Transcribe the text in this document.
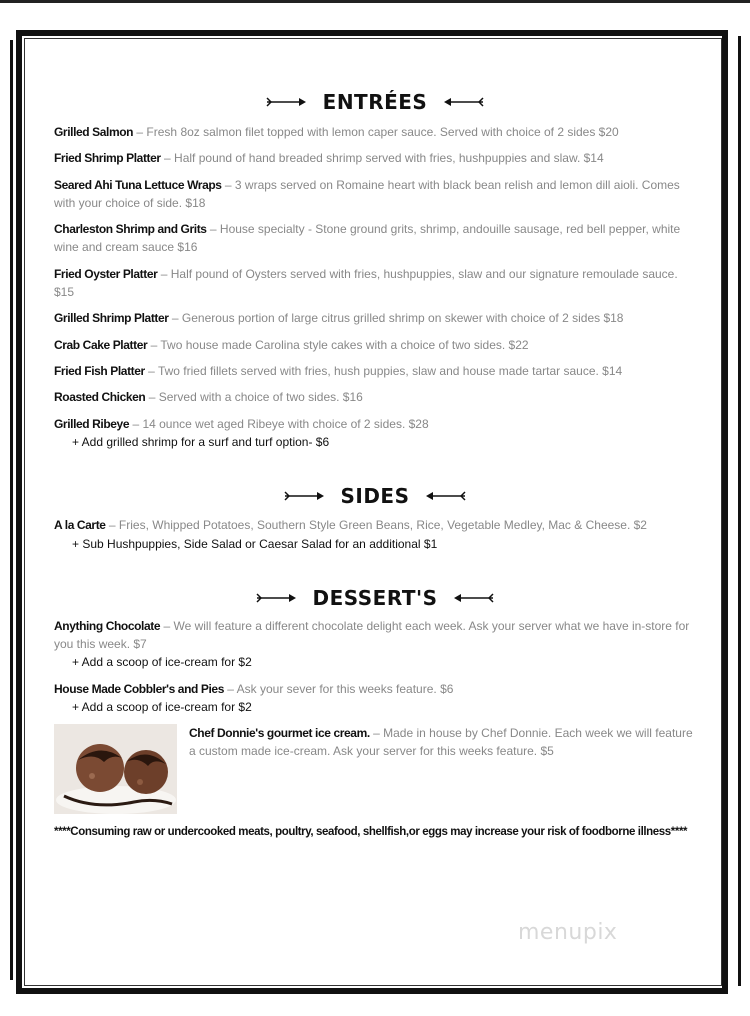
ENTRÉES
Grilled Salmon – Fresh 8oz salmon filet topped with lemon caper sauce. Served with choice of 2 sides $20
Fried Shrimp Platter – Half pound of hand breaded shrimp served with fries, hushpuppies and slaw. $14
Seared Ahi Tuna Lettuce Wraps – 3 wraps served on Romaine heart with black bean relish and lemon dill aioli. Comes with your choice of side. $18
Charleston Shrimp and Grits – House specialty - Stone ground grits, shrimp, andouille sausage, red bell pepper, white wine and cream sauce $16
Fried Oyster Platter – Half pound of Oysters served with fries, hushpuppies, slaw and our signature remoulade sauce. $15
Grilled Shrimp Platter – Generous portion of large citrus grilled shrimp on skewer with choice of 2 sides $18
Crab Cake Platter – Two house made Carolina style cakes with a choice of two sides. $22
Fried Fish Platter – Two fried fillets served with fries, hush puppies, slaw and house made tartar sauce. $14
Roasted Chicken – Served with a choice of two sides. $16
Grilled Ribeye – 14 ounce wet aged Ribeye with choice of 2 sides. $28
+ Add grilled shrimp for a surf and turf option- $6
SIDES
A la Carte – Fries, Whipped Potatoes, Southern Style Green Beans, Rice, Vegetable Medley, Mac & Cheese. $2
+ Sub Hushpuppies, Side Salad or Caesar Salad for an additional $1
DESSERT'S
Anything Chocolate – We will feature a different chocolate delight each week. Ask your server what we have in-store for you this week. $7
+ Add a scoop of ice-cream for $2
House Made Cobbler's and Pies – Ask your sever for this weeks feature. $6
+ Add a scoop of ice-cream for $2
Chef Donnie's gourmet ice cream. – Made in house by Chef Donnie. Each week we will feature a custom made ice-cream. Ask your server for this weeks feature. $5
****Consuming raw or undercooked meats, poultry, seafood, shellfish,or eggs may increase your risk of foodborne illness****
menupix
